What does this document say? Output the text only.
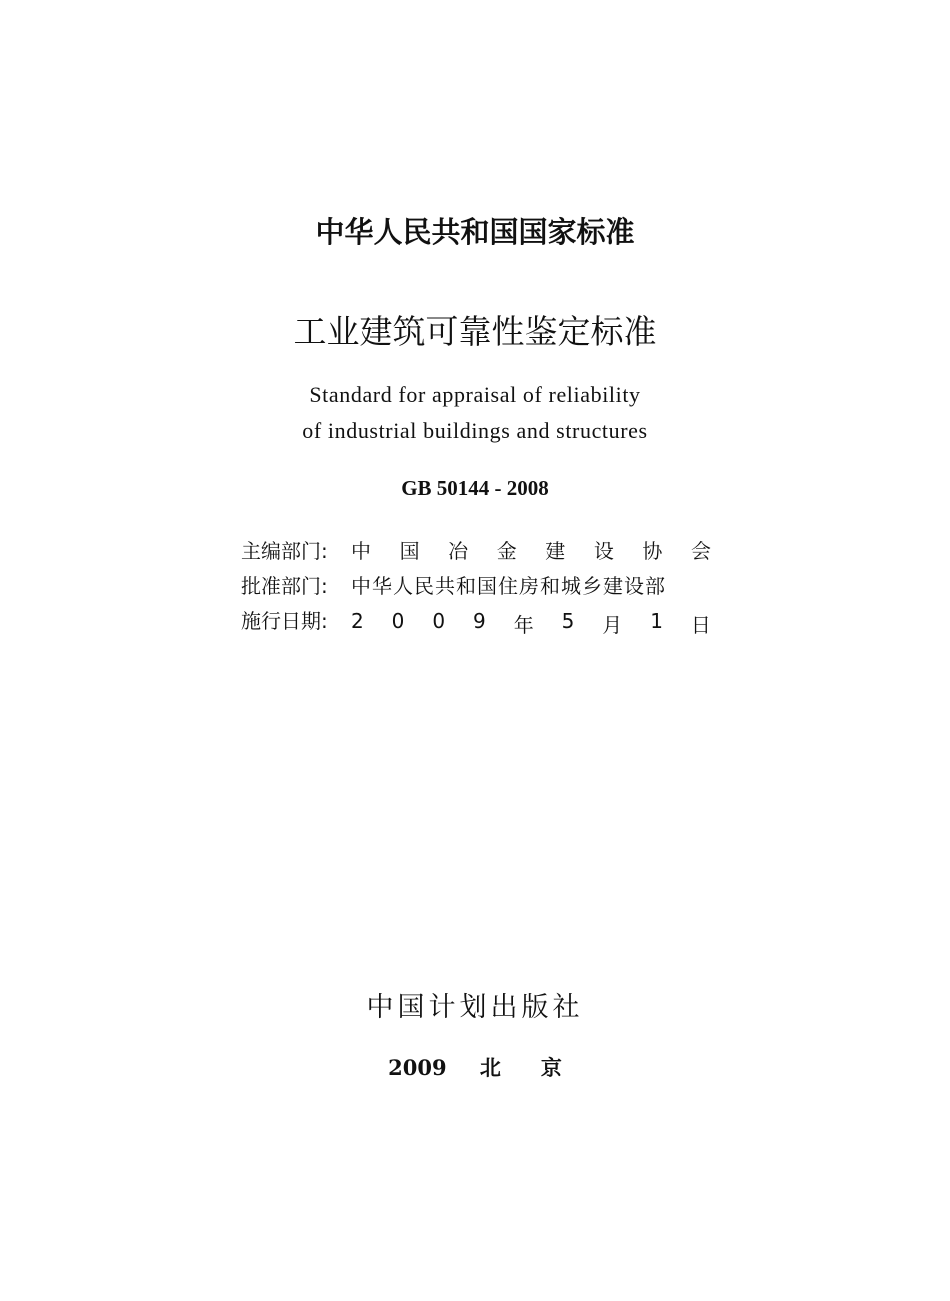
中华人民共和国国家标准
工业建筑可靠性鉴定标准
Standard for appraisal of reliability
of industrial buildings and structures
GB 50144 - 2008
主编部门:	中 国 冶 金 建 设 协 会
批准部门:	中华人民共和国住房和城乡建设部
施行日期:	2 0 0 9 年 5 月 1 日
中国计划出版社
2009 北京
